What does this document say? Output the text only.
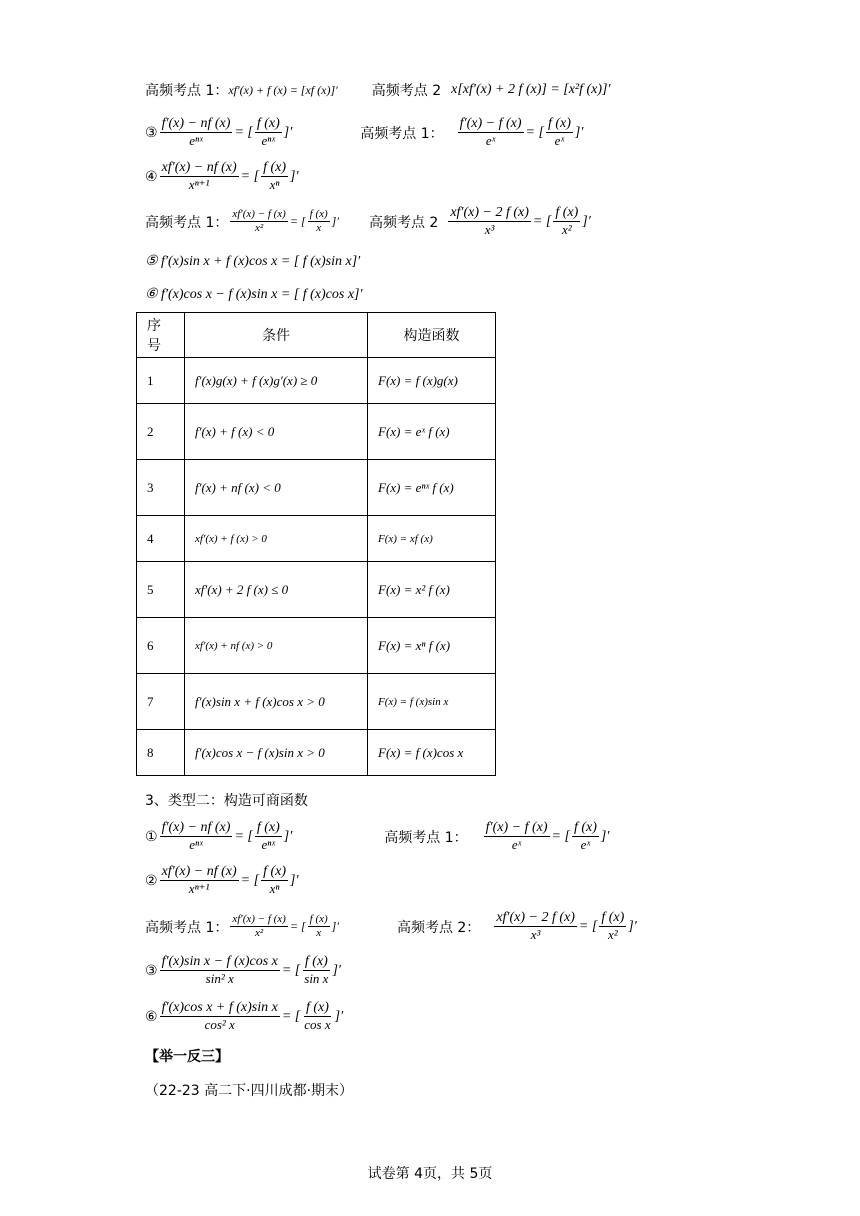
高频考点 1： xf′(x) + f (x) = [xf (x)]′ 高频考点 2 x[xf′(x) + 2 f (x)] = [x²f (x)]′
③ $\frac{f'(x) - nf (x)}{\text{eⁿˣ}}$ = [ $\frac{f (x)}{\text{eⁿˣ}}$ ]′	高频考点 1： $\frac{f'(x) - f (x)}{\text{eˣ}}$ = [ $\frac{f (x)}{\text{eˣ}}$ ]′
④ $\frac{xf'(x) - nf (x)}{\text{xⁿ⁺¹}}$ = [ $\frac{f (x)}{\text{xⁿ}}$ ]′
高频考点 1： $\frac{xf'(x) - f (x)}{\text{x²}}$ = [ $\frac{f (x)}{x}$ ]′ 高频考点 $2 \frac{xf'(x) - 2 f (x)}{\text{x³}}$ = [ $\frac{f (x)}{\text{x²}}$ ]′
⑤ f′(x)sin x + f (x)cos x = [ f (x)sin x]′
⑥ f′(x)cos x − f (x)sin x = [ f (x)cos x]′
序号	条件	构造函数
1	f′(x)g(x) + f (x)g′(x) ≥ 0	F(x) = f (x)g(x)
2	f′(x) + f (x) < 0	F(x) = eˣ f (x)
3	f′(x) + nf (x) < 0	F(x) = eⁿˣ f (x)
4	xf′(x) + f (x) > 0	F(x) = xf (x)
5	xf′(x) + 2 f (x) ≤ 0	F(x) = x² f (x)
6	xf′(x) + nf (x) > 0	F(x) = xⁿ f (x)
7	f′(x)sin x + f (x)cos x > 0	F(x) = f (x)sin x
8	f′(x)cos x − f (x)sin x > 0	F(x) = f (x)cos x
3、类型二：构造可商函数
① $\frac{f'(x) - nf (x)}{\text{eⁿˣ}}$ = [ $\frac{f (x)}{\text{eⁿˣ}}$ ]′	高频考点 1： $\frac{f'(x) - f (x)}{\text{eˣ}}$ = [ $\frac{f (x)}{\text{eˣ}}$ ]′
② $\frac{xf'(x) - nf (x)}{\text{xⁿ⁺¹}}$ = [ $\frac{f (x)}{\text{xⁿ}}$ ]′
高频考点 1： $\frac{xf'(x) - f (x)}{\text{x²}}$ = [ $\frac{f (x)}{x}$ ]′	高频考点 2： $\frac{xf'(x) - 2 f (x)}{\text{x³}}$ = [ $\frac{f (x)}{\text{x²}}$ ]′
③ $\frac{\text{f′(x)sin x − f (x)cos x}}{\text{sin² x}}$ = [ $\frac{f (x)}{\text{sin x}}$ ]′
⑥ $\frac{\text{f′(x)cos x + f (x)sin x}}{\text{cos² x}}$ = [ $\frac{f (x)}{\text{cos x}}$ ]′
【举一反三】
（22-23 高二下·四川成都·期末）
试卷第 4页，共 5页
